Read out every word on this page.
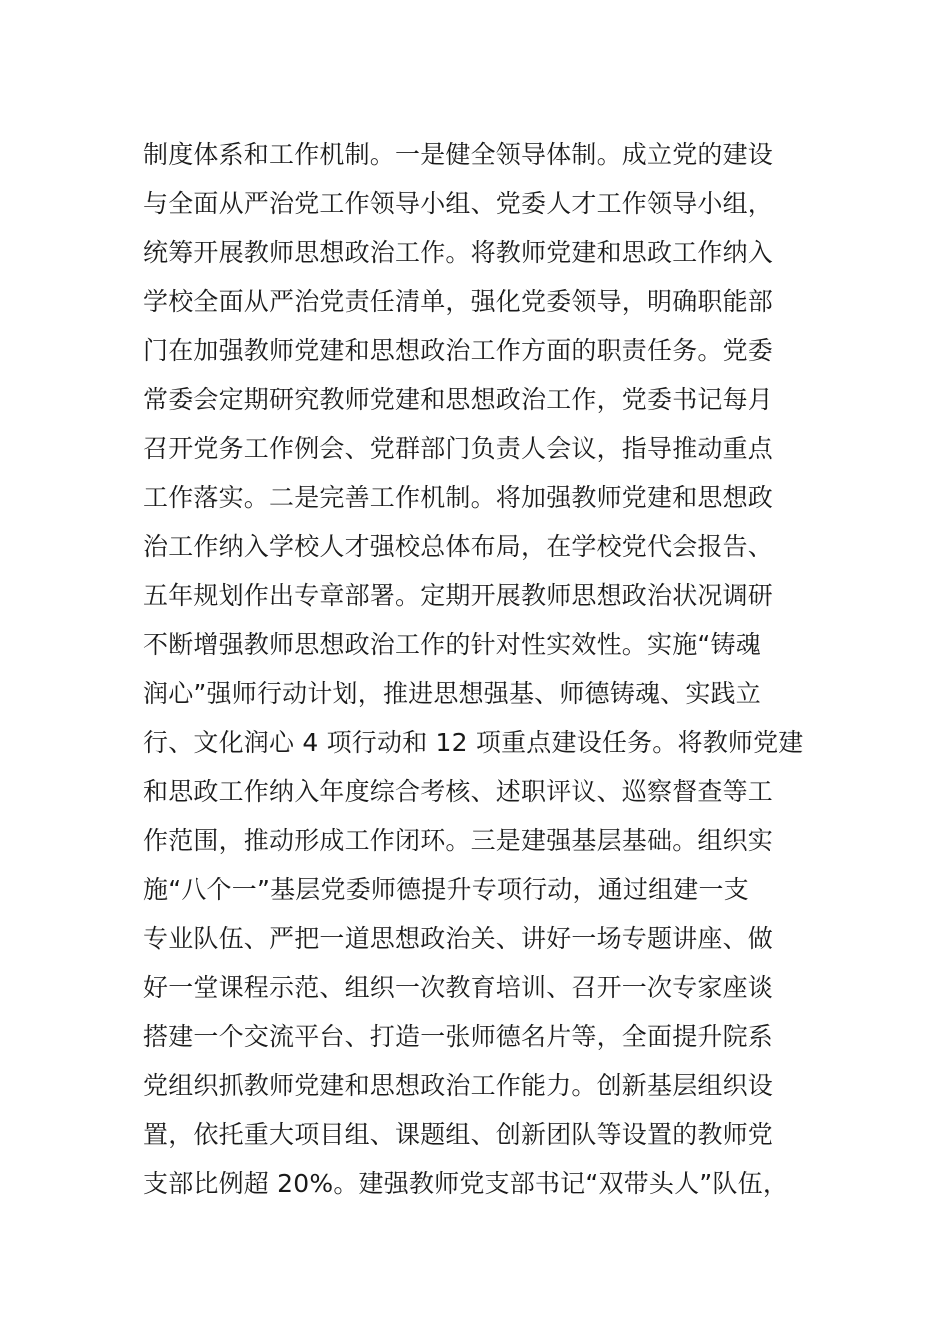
制度体系和工作机制。一是健全领导体制。成立党的建设
与全面从严治党工作领导小组、党委人才工作领导小组，
统筹开展教师思想政治工作。将教师党建和思政工作纳入
学校全面从严治党责任清单，强化党委领导，明确职能部
门在加强教师党建和思想政治工作方面的职责任务。党委
常委会定期研究教师党建和思想政治工作，党委书记每月
召开党务工作例会、党群部门负责人会议，指导推动重点
工作落实。二是完善工作机制。将加强教师党建和思想政
治工作纳入学校人才强校总体布局，在学校党代会报告、
五年规划作出专章部署。定期开展教师思想政治状况调研
不断增强教师思想政治工作的针对性实效性。实施“铸魂
润心”强师行动计划，推进思想强基、师德铸魂、实践立
行、文化润心 4 项行动和 12 项重点建设任务。将教师党建
和思政工作纳入年度综合考核、述职评议、巡察督查等工
作范围，推动形成工作闭环。三是建强基层基础。组织实
施“八个一”基层党委师德提升专项行动，通过组建一支
专业队伍、严把一道思想政治关、讲好一场专题讲座、做
好一堂课程示范、组织一次教育培训、召开一次专家座谈
搭建一个交流平台、打造一张师德名片等，全面提升院系
党组织抓教师党建和思想政治工作能力。创新基层组织设
置，依托重大项目组、课题组、创新团队等设置的教师党
支部比例超 20%。建强教师党支部书记“双带头人”队伍，
